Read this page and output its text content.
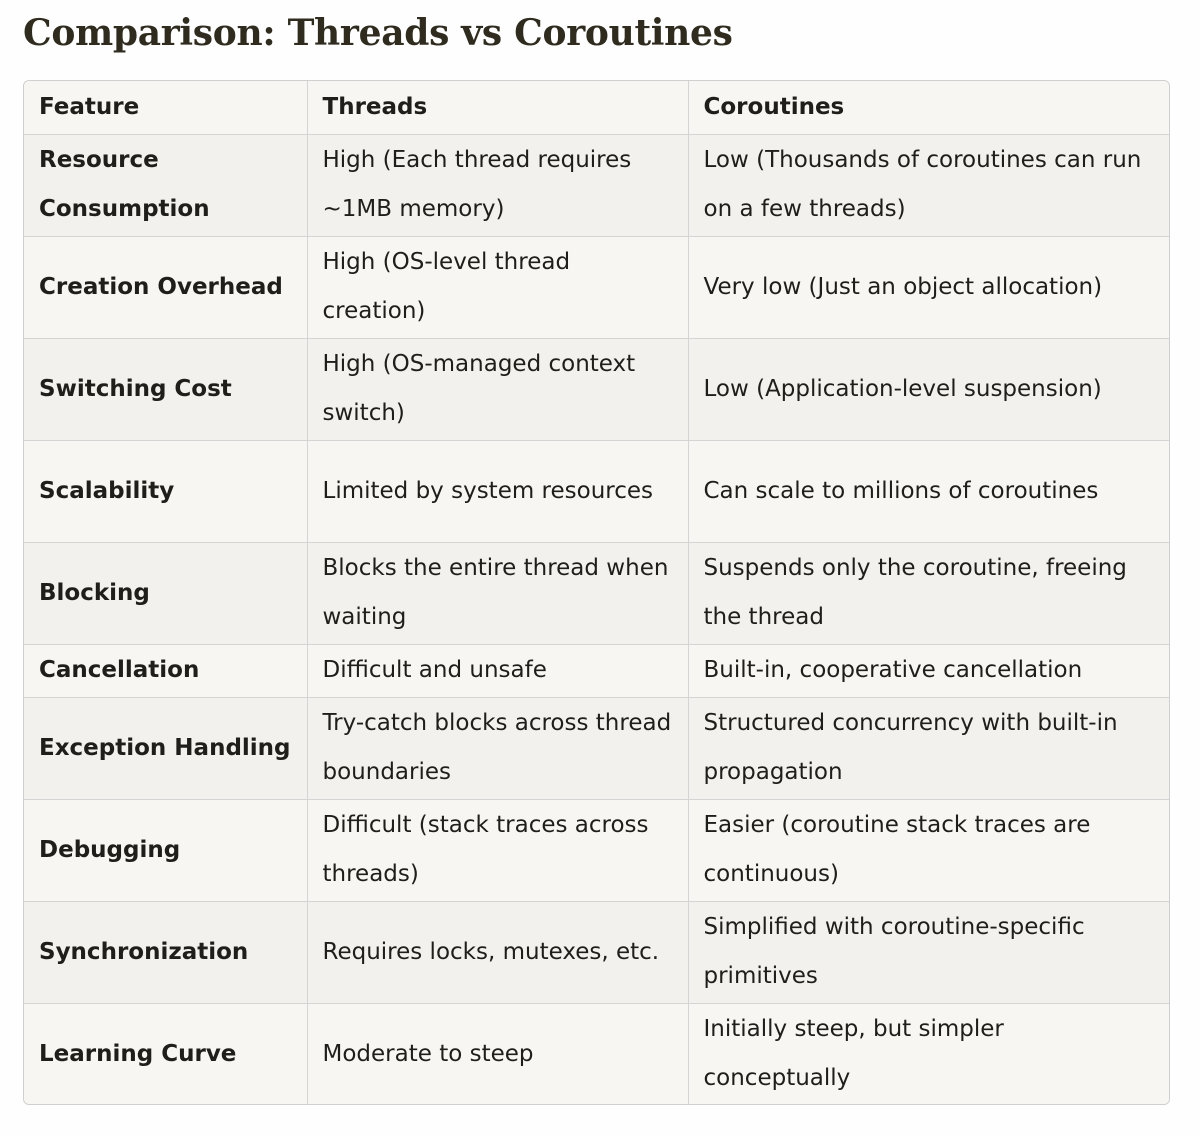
Comparison: Threads vs Coroutines
Feature	Threads	Coroutines
Resource Consumption	High (Each thread requires ~1MB memory)	Low (Thousands of coroutines can run on a few threads)
Creation Overhead	High (OS-level thread creation)	Very low (Just an object allocation)
Switching Cost	High (OS-managed context switch)	Low (Application-level suspension)
Scalability	Limited by system resources	Can scale to millions of coroutines
Blocking	Blocks the entire thread when waiting	Suspends only the coroutine, freeing the thread
Cancellation	Difficult and unsafe	Built-in, cooperative cancellation
Exception Handling	Try-catch blocks across thread boundaries	Structured concurrency with built-in propagation
Debugging	Difficult (stack traces across threads)	Easier (coroutine stack traces are continuous)
Synchronization	Requires locks, mutexes, etc.	Simplified with coroutine-specific primitives
Learning Curve	Moderate to steep	Initially steep, but simpler conceptually
